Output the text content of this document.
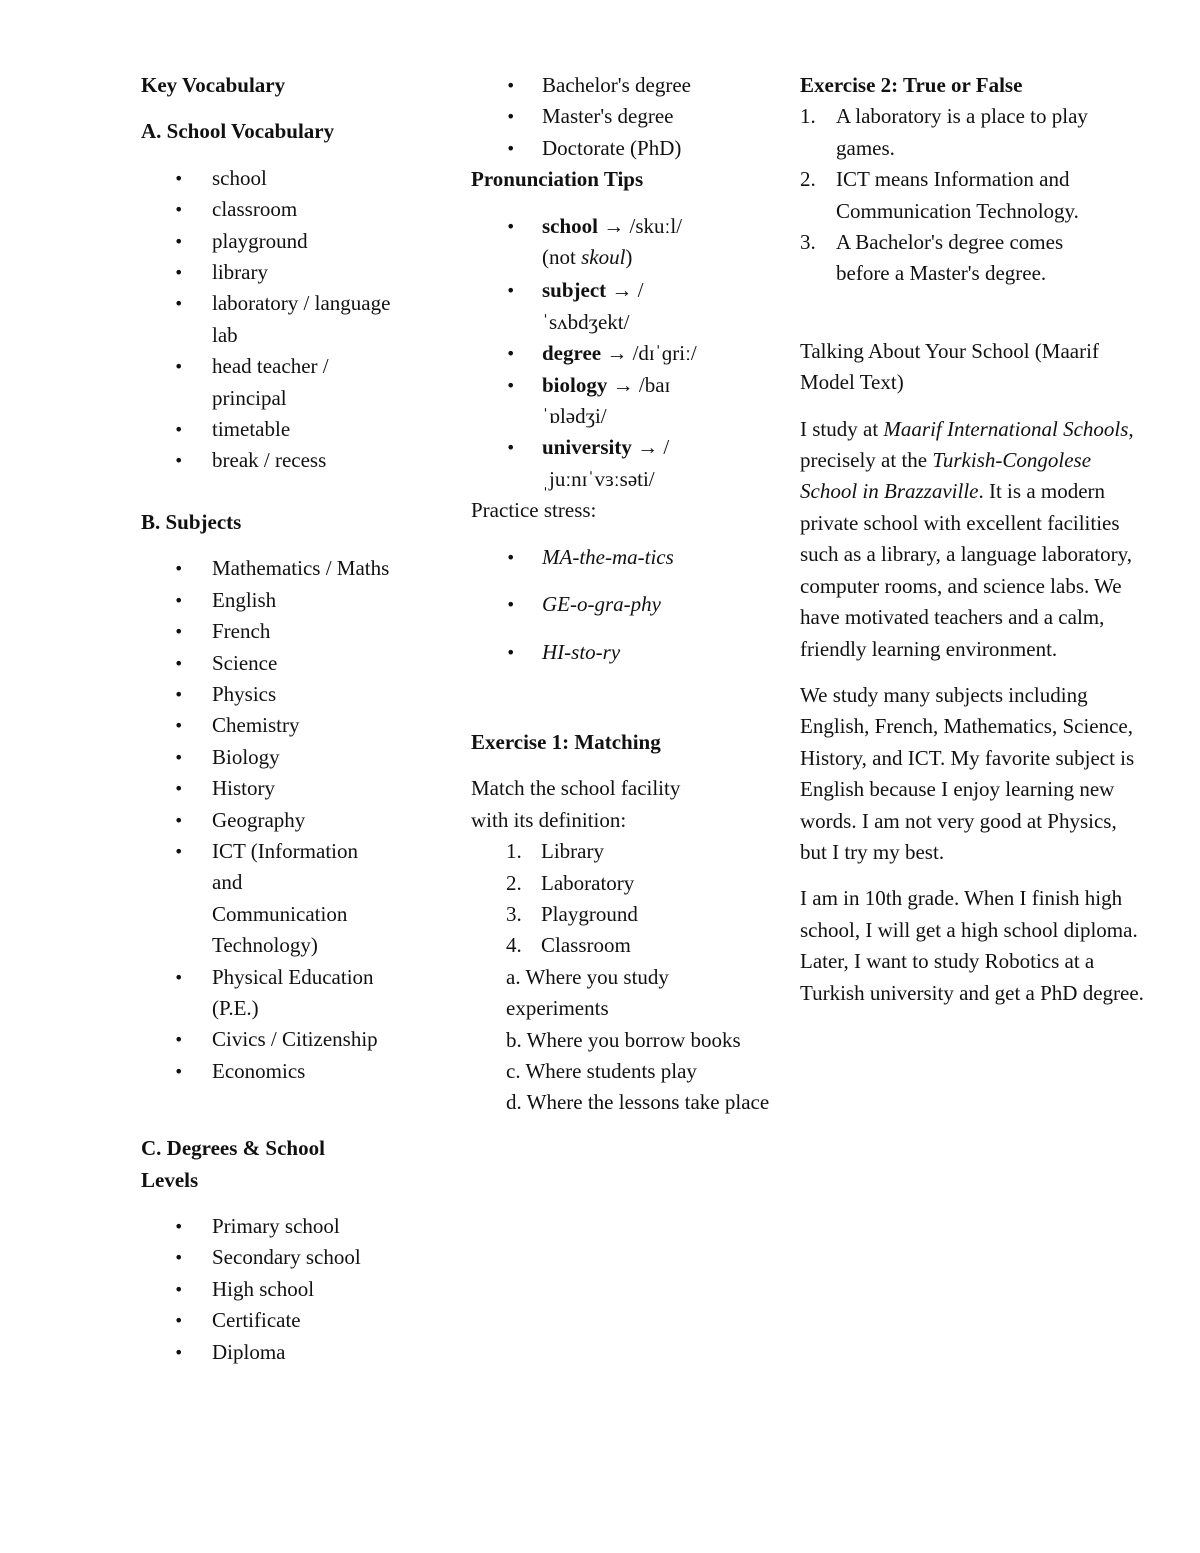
Key Vocabulary
A. School Vocabulary
• school
• classroom
• playground
• library
• laboratory / language lab
• head teacher / principal
• timetable
• break / recess
B. Subjects
• Mathematics / Maths
• English
• French
• Science
• Physics
• Chemistry
• Biology
• History
• Geography
• ICT (Information and Communication Technology)
• Physical Education (P.E.)
• Civics / Citizenship
• Economics
C. Degrees & School Levels
• Primary school
• Secondary school
• High school
• Certificate
• Diploma
• Bachelor's degree
• Master's degree
• Doctorate (PhD)
Pronunciation Tips
• school → /skuːl/ (not skoul)
• subject → /ˈsʌbdʒekt/
• degree → /dɪˈɡriː/
• biology → /baɪˈɒlədʒi/
• university → /ˌjuːnɪˈvɜːsəti/

Practice stress:

• MA-the-ma-tics
• GE-o-gra-phy
• HI-sto-ry
Exercise 1: Matching

Match the school facility with its definition:

1. Library
2. Laboratory
3. Playground
4. Classroom

a. Where you study experiments

b. Where you borrow books

c. Where students play

d. Where the lessons take place

Exercise 2: True or False
1. A laboratory is a place to play games.
2. ICT means Information and Communication Technology.
3. A Bachelor's degree comes before a Master's degree.

Talking About Your School (Maarif Model Text)

I study at Maarif International Schools, precisely at the Turkish-Congolese School in Brazzaville. It is a modern private school with excellent facilities such as a library, a language laboratory, computer rooms, and science labs. We have motivated teachers and a calm, friendly learning environment.

We study many subjects including English, French, Mathematics, Science, History, and ICT. My favorite subject is English because I enjoy learning new words. I am not very good at Physics, but I try my best.

I am in 10th grade. When I finish high school, I will get a high school diploma. Later, I want to study Robotics at a Turkish university and get a PhD degree.
